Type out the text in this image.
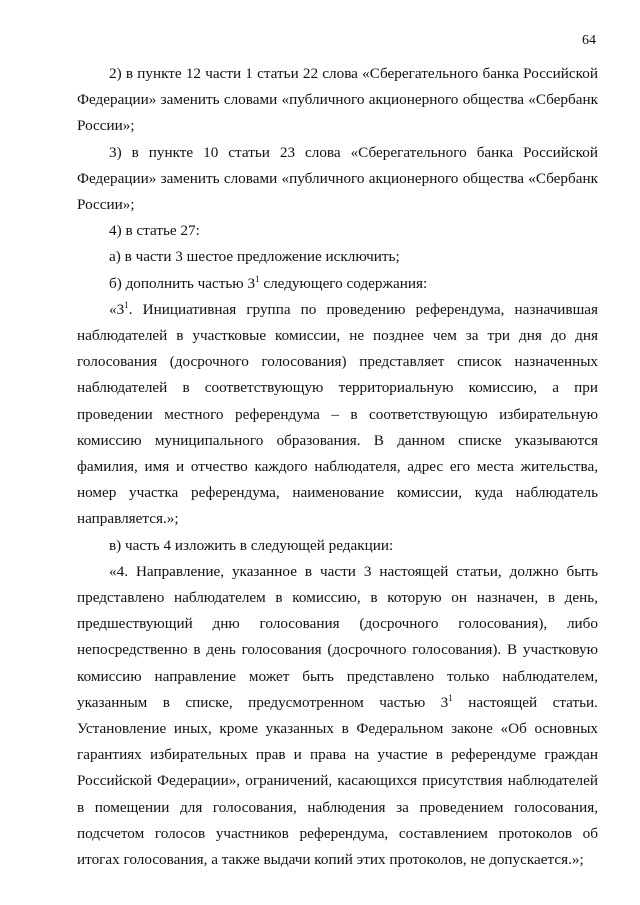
64

2) в пункте 12 части 1 статьи 22 слова «Сберегательного банка Российской Федерации» заменить словами «публичного акционерного общества «Сбербанк России»;

3) в пункте 10 статьи 23 слова «Сберегательного банка Российской Федерации» заменить словами «публичного акционерного общества «Сбербанк России»;

4) в статье 27:

а) в части 3 шестое предложение исключить;

б) дополнить частью $3^1$ следующего содержания:

«$3^1$. Инициативная группа по проведению референдума, назначившая наблюдателей в участковые комиссии, не позднее чем за три дня до дня голосования (досрочного голосования) представляет список назначенных наблюдателей в соответствующую территориальную комиссию, а при проведении местного референдума – в соответствующую избирательную комиссию муниципального образования. В данном списке указываются фамилия, имя и отчество каждого наблюдателя, адрес его места жительства, номер участка референдума, наименование комиссии, куда наблюдатель направляется.»;

в) часть 4 изложить в следующей редакции:

«4. Направление, указанное в части 3 настоящей статьи, должно быть представлено наблюдателем в комиссию, в которую он назначен, в день, предшествующий дню голосования (досрочного голосования), либо непосредственно в день голосования (досрочного голосования). В участковую комиссию направление может быть представлено только наблюдателем, указанным в списке, предусмотренном частью $3^1$ настоящей статьи. Установление иных, кроме указанных в Федеральном законе «Об основных гарантиях избирательных прав и права на участие в референдуме граждан Российской Федерации», ограничений, касающихся присутствия наблюдателей в помещении для голосования, наблюдения за проведением голосования, подсчетом голосов участников референдума, составлением протоколов об итогах голосования, а также выдачи копий этих протоколов, не допускается.»;
